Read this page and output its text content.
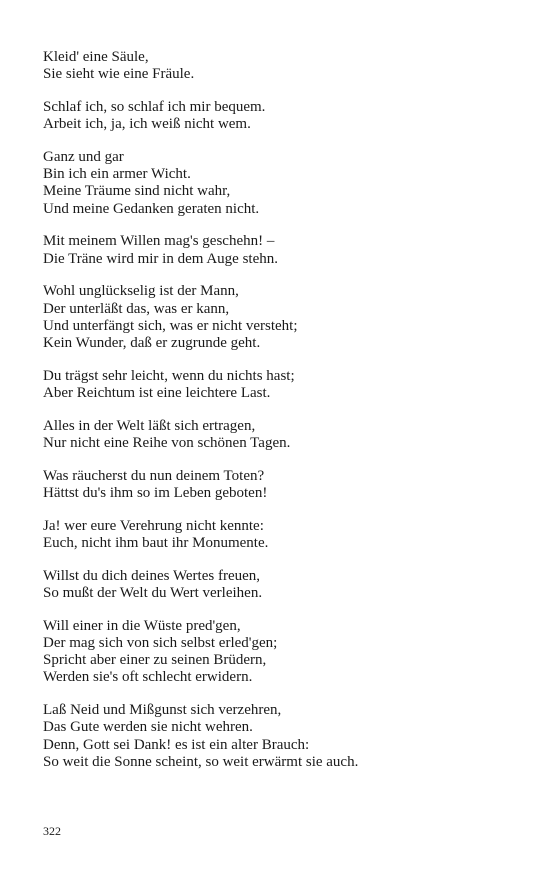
Kleid' eine Säule,
Sie sieht wie eine Fräule.
Schlaf ich, so schlaf ich mir bequem.
Arbeit ich, ja, ich weiß nicht wem.
Ganz und gar
Bin ich ein armer Wicht.
Meine Träume sind nicht wahr,
Und meine Gedanken geraten nicht.
Mit meinem Willen mag's geschehn! –
Die Träne wird mir in dem Auge stehn.
Wohl unglückselig ist der Mann,
Der unterläßt das, was er kann,
Und unterfängt sich, was er nicht versteht;
Kein Wunder, daß er zugrunde geht.
Du trägst sehr leicht, wenn du nichts hast;
Aber Reichtum ist eine leichtere Last.
Alles in der Welt läßt sich ertragen,
Nur nicht eine Reihe von schönen Tagen.
Was räucherst du nun deinem Toten?
Hättst du's ihm so im Leben geboten!
Ja! wer eure Verehrung nicht kennte:
Euch, nicht ihm baut ihr Monumente.
Willst du dich deines Wertes freuen,
So mußt der Welt du Wert verleihen.
Will einer in die Wüste pred'gen,
Der mag sich von sich selbst erled'gen;
Spricht aber einer zu seinen Brüdern,
Werden sie's oft schlecht erwidern.
Laß Neid und Mißgunst sich verzehren,
Das Gute werden sie nicht wehren.
Denn, Gott sei Dank! es ist ein alter Brauch:
So weit die Sonne scheint, so weit erwärmt sie auch.
322
